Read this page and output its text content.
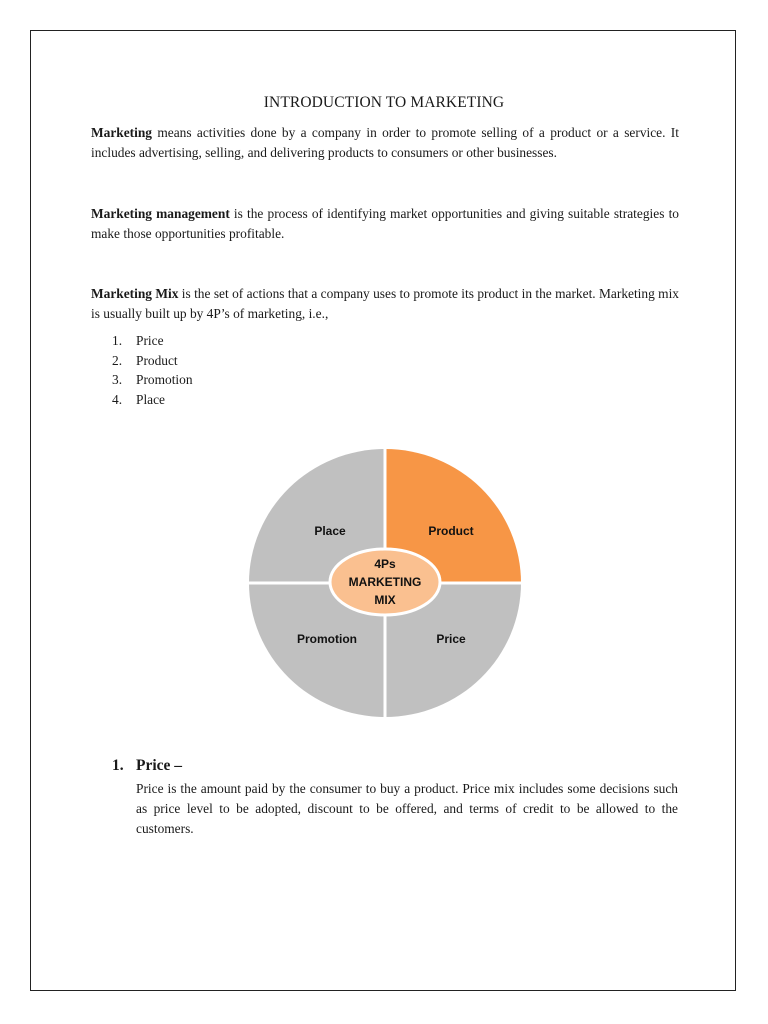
INTRODUCTION TO MARKETING

Marketing means activities done by a company in order to promote selling of a product or a service. It includes advertising, selling, and delivering products to consumers or other businesses.

Marketing management is the process of identifying market opportunities and giving suitable strategies to make those opportunities profitable.

Marketing Mix is the set of actions that a company uses to promote its product in the market. Marketing mix is usually built up by 4P’s of marketing, i.e.,

1. Price
2. Product
3. Promotion
4. Place
Place	Product
Promotion	Price
4Ps
MARKETING
MIX
1. Price –

Price is the amount paid by the consumer to buy a product. Price mix includes some decisions such as price level to be adopted, discount to be offered, and terms of credit to be allowed to the customers.
